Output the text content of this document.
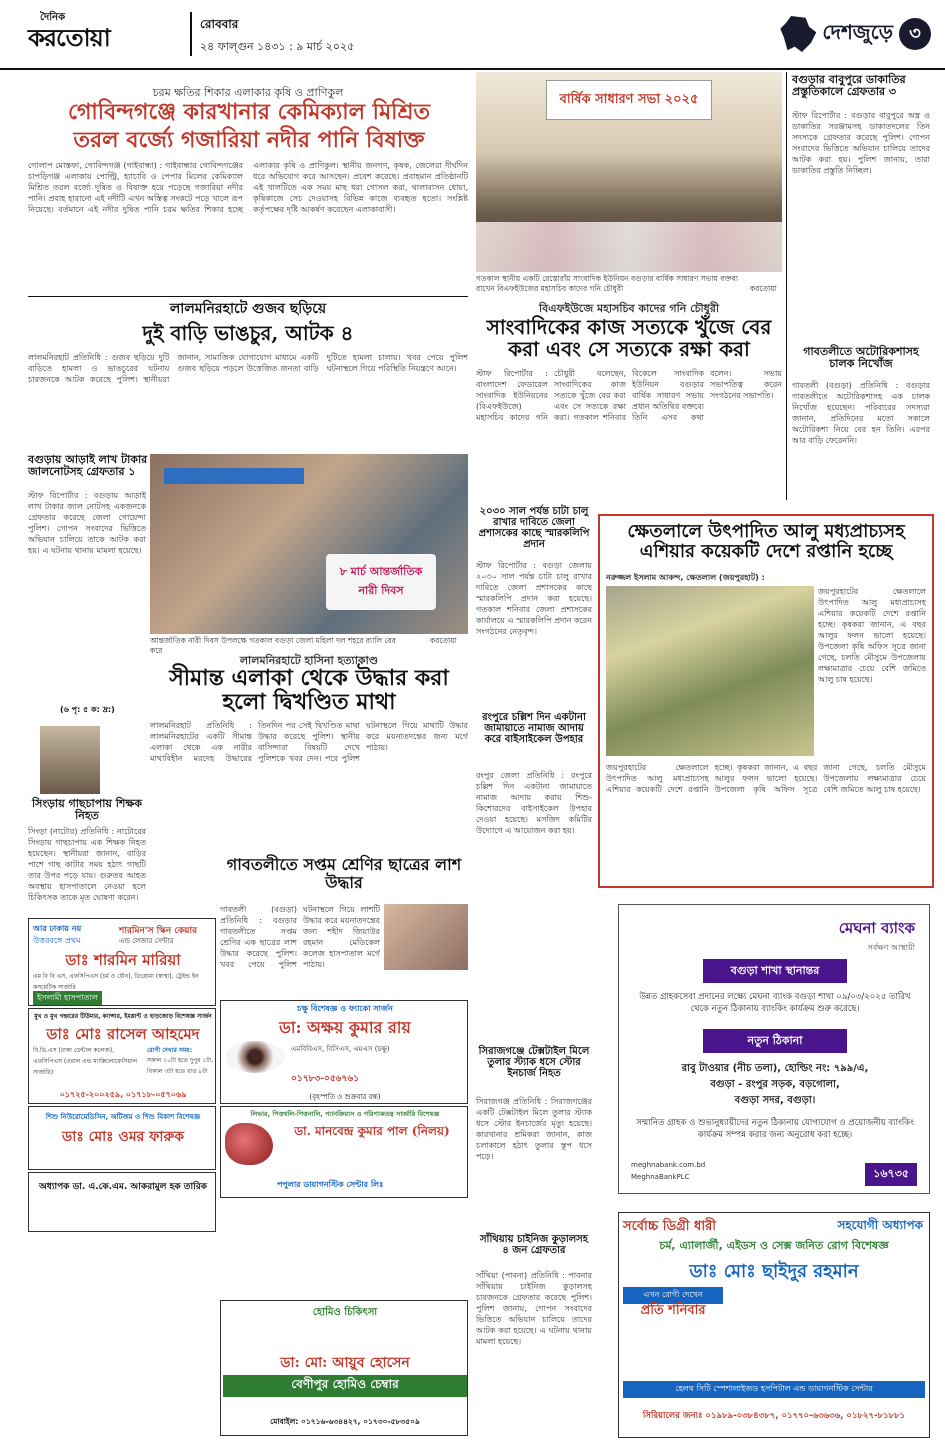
দৈনিক
করতোয়া	রোববার
২৪ ফাল্গুন ১৪৩১ : ৯ মার্চ ২০২৫
দেশজুড়ে ৩
চরম ক্ষতির শিকার এলাকার কৃষি ও প্রাণিকুল
গোবিন্দগঞ্জে কারখানার কেমিক্যাল মিশ্রিত
তরল বর্জ্যে গজারিয়া নদীর পানি বিষাক্ত
গোলাপ মোস্তফা, গোবিন্দগঞ্জ (গাইবান্ধা) : গাইবান্ধার গোবিন্দগঞ্জের চাপড়িগঞ্জ এলাকায় পোল্ট্রি, হ্যাচারি ও পেপার মিলের কেমিক্যাল মিশ্রিত তরল বর্জ্যে দূষিত ও বিষাক্ত হয়ে পড়েছে গজারিয়া নদীর পানি। প্রবাহ হারানো এই নদীটি এখন অস্তিত্ব সংকটে পড়ে খালে রূপ নিয়েছে। বর্তমানে এই নদীর দুষিত পানি চরম ক্ষতির শিকার হচ্ছে এলাকার কৃষি ও প্রাণিকুল। স্থানীয় জনগণ, কৃষক, জেলেরা দীর্ঘদিন ধরে অভিযোগ করে আসছেন। প্রবেশ করেছে। প্রবাহমান প্রতিষ্ঠানটি এই খালটিতে এক সময় মাছ ধরা গোসল করা, থালাবাসন ধোয়া, কৃষিকাজে সেচ দেওয়াসহ বিভিন্ন কাজে ব্যবহৃত হতো। সংশ্লিষ্ট কর্তৃপক্ষের দৃষ্টি আকর্ষণ করেছেন এলাকাবাসী।
লালমনিরহাটে গুজব ছড়িয়ে
দুই বাড়ি ভাঙচুর, আটক ৪
লালমনিরহাট প্রতিনিধি : গুজব ছড়িয়ে দুটি বাড়িতে হামলা ও ভাঙচুরের ঘটনায় চারজনকে আটক করেছে পুলিশ। স্থানীয়রা জানান, সামাজিক যোগাযোগ মাধ্যমে একটি গুজব ছড়িয়ে পড়লে উত্তেজিত জনতা বাড়ি দুটিতে হামলা চালায়। খবর পেয়ে পুলিশ ঘটনাস্থলে গিয়ে পরিস্থিতি নিয়ন্ত্রণে আনে।
বগুড়ায় আড়াই লাখ টাকার জালনোটসহ গ্রেফতার ১
স্টাফ রিপোর্টার : বগুড়ায় আড়াই লাখ টাকার জাল নোটসহ একজনকে গ্রেফতার করেছে জেলা গোয়েন্দা পুলিশ। গোপন সংবাদের ভিত্তিতে অভিযান চালিয়ে তাকে আটক করা হয়। এ ঘটনায় থানায় মামলা হয়েছে।
(৬ পৃ: ৫ ক: দ্র:)
৮ মার্চ আন্তর্জাতিক নারী দিবস
আন্তর্জাতিক নারী দিবস উপলক্ষে গতকাল বগুড়া জেলা মহিলা দল শহরে র‌্যালি বের করে
করতোয়া
লালমনিরহাটে হাসিনা হত্যাকাণ্ড
সীমান্ত এলাকা থেকে উদ্ধার করা হলো দ্বিখণ্ডিত মাথা
লালমনিরহাট প্রতিনিধি : লালমনিরহাটের একটি সীমান্ত এলাকা থেকে এক নারীর মাথাবিহীন মরদেহ উদ্ধারের তিনদিন পর সেই দ্বিখণ্ডিত মাথা উদ্ধার করেছে পুলিশ। স্থানীয় বাসিন্দারা বিষয়টি দেখে পুলিশকে খবর দেন। পরে পুলিশ ঘটনাস্থলে গিয়ে মাথাটি উদ্ধার করে ময়নাতদন্তের জন্য মর্গে পাঠায়।
সিংড়ায় গাছচাপায় শিক্ষক নিহত
সিংড়া (নাটোর) প্রতিনিধি : নাটোরের সিংড়ায় গাছচাপায় এক শিক্ষক নিহত হয়েছেন। স্থানীয়রা জানান, বাড়ির পাশে গাছ কাটার সময় হঠাৎ গাছটি তার উপর পড়ে যায়। গুরুতর আহত অবস্থায় হাসপাতালে নেওয়া হলে চিকিৎসক তাকে মৃত ঘোষণা করেন।
গাবতলীতে সপ্তম শ্রেণির ছাত্রের লাশ উদ্ধার
গাবতলী (বগুড়া) প্রতিনিধি : বগুড়ার গাবতলীতে সপ্তম শ্রেণির এক ছাত্রের লাশ উদ্ধার করেছে পুলিশ। খবর পেয়ে পুলিশ ঘটনাস্থলে গিয়ে লাশটি উদ্ধার করে ময়নাতদন্তের জন্য শহীদ জিয়াউর রহমান মেডিকেল কলেজ হাসপাতাল মর্গে পাঠায়।
আর ঢাকায় নয়
উত্তরবঙ্গে প্রথম
শারমিন'স স্কিন কেয়ার
এন্ড লেজার সেন্টার
ডাঃ শারমিন মারিয়া
এম বি বি এস, এফসিপিএস (চর্ম ও যৌন), ডিপ্লোমা (স্বাস্থ্য), ট্রেইন্ড ইন কসমেটিক সার্জারি
ইসলামী হাসপাতাল
মুখ ও মুখ গহ্বরের টিউমার, ক্যান্সার, ইমপ্লান্ট ও হাড়জোড় বিশেষজ্ঞ সার্জন
ডাঃ মোঃ রাসেল আহমেদ
বি.ডি.এস (ঢাকা ডেন্টাল কলেজ), এফসিপিএস (ওরাল এন্ড ম্যাক্সিলোফেসিয়াল সার্জারি)
রোগী দেখার সময়:
সকাল ১০টা হতে দুপুর ১টা, বিকাল ৩টা হতে রাত ৮টা
০১৭২৫-২০০২৫৯, ০১৭১৮-০৫৭০৬৯
শিশু নিউরোমেডিসিন, অটিজম ও শিশু বিকাশ বিশেষজ্ঞ
ডাঃ মোঃ ওমর ফারুক
অধ্যাপক ডা. এ.কে.এম. আকরামুল হক তারিক
চক্ষু বিশেষজ্ঞ ও ফ্যাকো সার্জন
ডা: অক্ষয় কুমার রায়
এমবিবিএস, বিসিএস, এমএস (চক্ষু)
০১৭৮৩-০৫৬৭৬১
(বৃহস্পতি ও শুক্রবার বন্ধ)
লিভার, পিত্তথলি-পিত্তনালি, প্যানক্রিয়াস ও পরিপাকতন্ত্র সার্জারি বিশেষজ্ঞ
ডা. মানবেন্দ্র কুমার পাল (নিলয়)
পপুলার ডায়াগনস্টিক সেন্টার লিঃ
হোমিও চিকিৎসা
ডা: মো: আয়ুব হোসেন
বেণীপুর হোমিও চেম্বার
মোবাইল: ০১৭১৬-৬৩৪৪২৭, ০১৭৩০-৫৮৩৫০৯
বার্ষিক সাধারণ সভা ২০২৫
গতকাল স্থানীয় একটি রেস্তোরাঁয় সাংবাদিক ইউনিয়ন বগুড়ার বার্ষিক সাধারণ সভায় বক্তব্য রাখেন বিএফইউজের মহাসচিব কাদের গনি চৌধুরী	করতোয়া
বিএফইউজে মহাসচিব কাদের গনি চৌধুরী
সাংবাদিকের কাজ সত্যকে খুঁজে বের করা এবং সে সত্যকে রক্ষা করা
স্টাফ রিপোর্টার : বাংলাদেশ ফেডারেল সাংবাদিক ইউনিয়নের (বিএফইউজে) মহাসচিব কাদের গনি চৌধুরী বলেছেন, সাংবাদিকের কাজ সত্যকে খুঁজে বের করা এবং সে সত্যকে রক্ষা করা। গতকাল শনিবার বিকেলে সাংবাদিক ইউনিয়ন বগুড়ার বার্ষিক সাধারণ সভায় প্রধান অতিথির বক্তব্যে তিনি এসব কথা বলেন। সভায় সভাপতিত্ব করেন সংগঠনের সভাপতি।
বগুড়ার বাবুপুরে ডাকাতির প্রস্তুতিকালে গ্রেফতার ৩
স্টাফ রিপোর্টার : বগুড়ার বাবুপুরে অস্ত্র ও ডাকাতির সরঞ্জামসহ ডাকাতদলের তিন সদস্যকে গ্রেফতার করেছে পুলিশ। গোপন সংবাদের ভিত্তিতে অভিযান চালিয়ে তাদের আটক করা হয়। পুলিশ জানায়, তারা ডাকাতির প্রস্তুতি নিচ্ছিল।
গাবতলীতে অটোরিকশাসহ চালক নিখোঁজ
গাবতলী (বগুড়া) প্রতিনিধি : বগুড়ার গাবতলীতে অটোরিকশাসহ এক চালক নিখোঁজ হয়েছেন। পরিবারের সদস্যরা জানান, প্রতিদিনের মতো সকালে অটোরিকশা নিয়ে বের হন তিনি। এরপর আর বাড়ি ফেরেননি।
২০৩০ সাল পর্যন্ত চাটা চালু রাখার দাবিতে জেলা প্রশাসকের কাছে স্মারকলিপি প্রদান
স্টাফ রিপোর্টার : বগুড়া জেলায় ২০৩০ সাল পর্যন্ত চাটা চালু রাখার দাবিতে জেলা প্রশাসকের কাছে স্মারকলিপি প্রদান করা হয়েছে। গতকাল শনিবার জেলা প্রশাসকের কার্যালয়ে এ স্মারকলিপি প্রদান করেন সংগঠনের নেতৃবৃন্দ।
রংপুরে চল্লিশ দিন একটানা জামায়াতে নামাজ আদায় করে বাইসাইকেল উপহার
রংপুর জেলা প্রতিনিধি : রংপুরে চল্লিশ দিন একটানা জামায়াতে নামাজ আদায় করায় শিশু-কিশোরদের বাইসাইকেল উপহার দেওয়া হয়েছে। মসজিদ কমিটির উদ্যোগে এ আয়োজন করা হয়।
সিরাজগঞ্জে টেক্সটাইল মিলে তুলার স্ট্যাক ধসে স্টোর ইনচার্জ নিহত
সিরাজগঞ্জ প্রতিনিধি : সিরাজগঞ্জের একটি টেক্সটাইল মিলে তুলার স্ট্যাক ধসে স্টোর ইনচার্জের মৃত্যু হয়েছে। কারখানার শ্রমিকরা জানান, কাজ চলাকালে হঠাৎ তুলার স্তূপ ধসে পড়ে।
সাঁথিয়ায় চাইনিজ কুড়ালসহ ৪ জন গ্রেফতার
সাঁথিয়া (পাবনা) প্রতিনিধি : পাবনার সাঁথিয়ায় চাইনিজ কুড়ালসহ চারজনকে গ্রেফতার করেছে পুলিশ। পুলিশ জানায়, গোপন সংবাদের ভিত্তিতে অভিযান চালিয়ে তাদের আটক করা হয়েছে। এ ঘটনায় থানায় মামলা হয়েছে।
ক্ষেতলালে উৎপাদিত আলু মধ্যপ্রাচ্যসহ এশিয়ার কয়েকটি দেশে রপ্তানি হচ্ছে
নরুজ্জল ইসলাম আকন্দ, ক্ষেতলাল (জয়পুরহাট) :
জয়পুরহাটের ক্ষেতলালে উৎপাদিত আলু মধ্যপ্রাচ্যসহ এশিয়ার কয়েকটি দেশে রপ্তানি হচ্ছে। কৃষকরা জানান, এ বছর আলুর ফলন ভালো হয়েছে। উপজেলা কৃষি অফিস সূত্রে জানা গেছে, চলতি মৌসুমে উপজেলায় লক্ষ্যমাত্রার চেয়ে বেশি জমিতে আলু চাষ হয়েছে।
জয়পুরহাটের ক্ষেতলালে উৎপাদিত আলু মধ্যপ্রাচ্যসহ এশিয়ার কয়েকটি দেশে রপ্তানি হচ্ছে। কৃষকরা জানান, এ বছর আলুর ফলন ভালো হয়েছে। উপজেলা কৃষি অফিস সূত্রে জানা গেছে, চলতি মৌসুমে উপজেলায় লক্ষ্যমাত্রার চেয়ে বেশি জমিতে আলু চাষ হয়েছে।
মেঘনা ব্যাংক
সর্বক্ষণ আস্থায়ী
বগুড়া শাখা স্থানান্তর
উন্নত গ্রাহকসেবা প্রদানের লক্ষ্যে মেঘনা ব্যাংক বগুড়া শাখা ০৯/০৩/২০২৫ তারিখ থেকে নতুন ঠিকানায় ব্যাংকিং কার্যক্রম শুরু করেছে।
নতুন ঠিকানা
রাবু টাওয়ার (নীচ তলা), হোল্ডিং নং: ৭৯৯/এ,
বগুড়া - রংপুর সড়ক, বড়গোলা,
বগুড়া সদর, বগুড়া।
সম্মানিত গ্রাহক ও শুভানুধ্যায়ীদের নতুন ঠিকানায় যোগাযোগ ও প্রয়োজনীয় ব্যাংকিং কার্যক্রম সম্পন্ন করার জন্য অনুরোধ করা হচ্ছে।
meghnabank.com.bd
MeghnaBankPLC	১৬৭৩৫
সর্বোচ্চ ডিগ্রী ধারী	সহযোগী অধ্যাপক
চর্ম, এ্যালার্জী, এইডস ও সেক্স জনিত রোগ বিশেষজ্ঞ
ডাঃ মোঃ ছাইদুর রহমান
এখন রোগী দেখেন
প্রতি শনিবার
হেলথ সিটি স্পেশালাইজড হসপিটাল এন্ড ডায়াগনস্টিক সেন্টার
সিরিয়ালের জন্যঃ ০১৯৮৯-০৩৮৪৩৮৭, ০১৭৭০-৬৩৬৩৬, ০১৮২৭-৮১৮৮১
